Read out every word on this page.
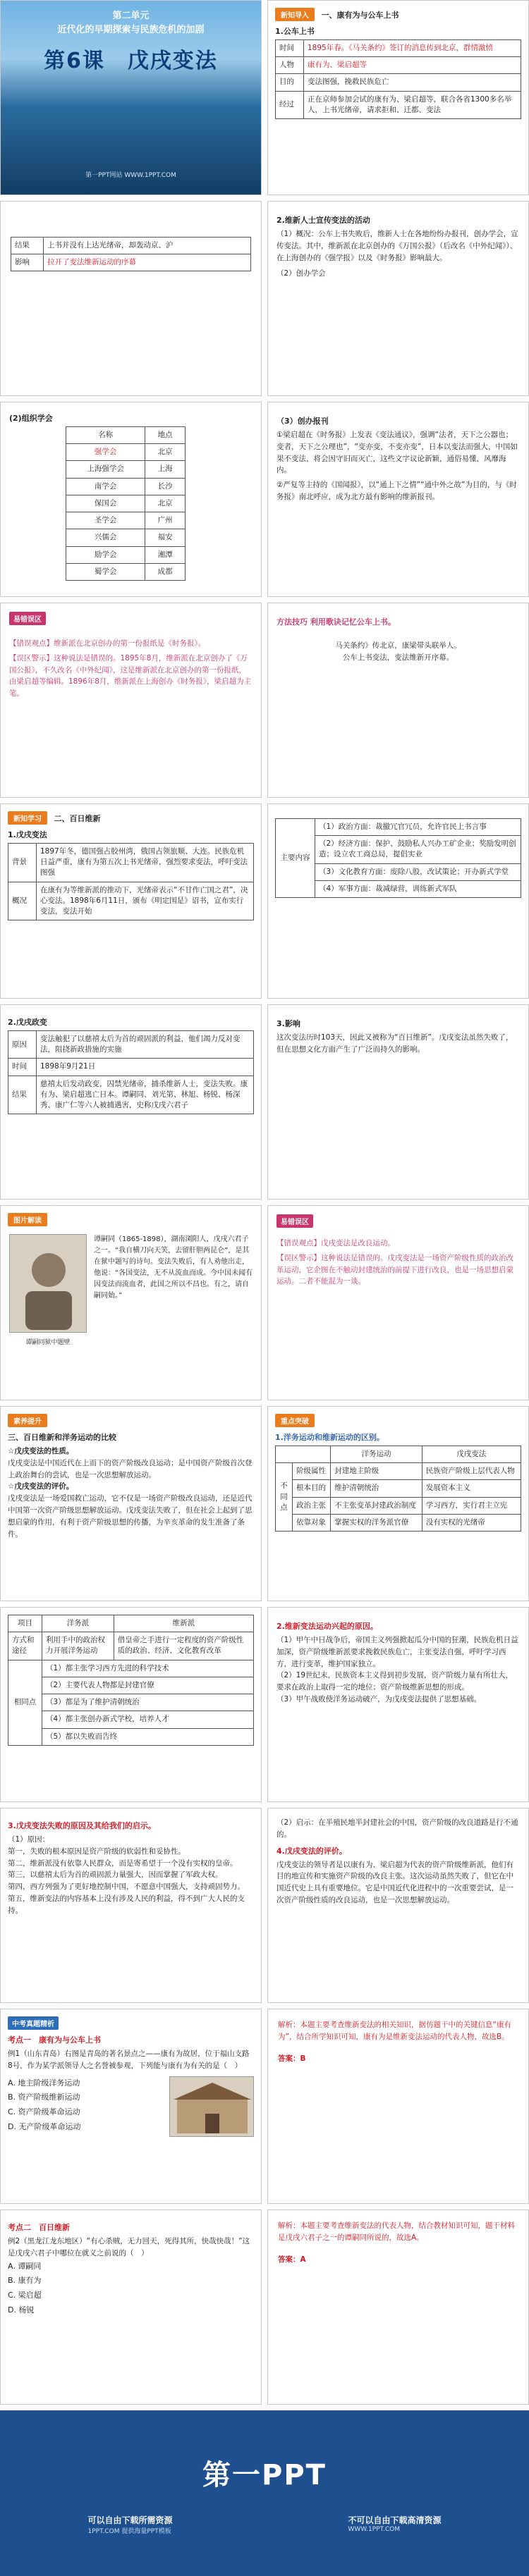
第二单元
近代化的早期探索与民族危机的加剧
第6课　戊戌变法
第一PPT网站 WWW.1PPT.COM
新知导入 一、康有为与公车上书
1.公车上书
时间	1895年春。《马关条约》签订的消息传到北京，群情激愤
人物	康有为、梁启超等
目的	变法图强，挽救民族危亡
经过	正在京师参加会试的康有为、梁启超等，联合各省1300多名举人，上书光绪帝，请求拒和、迁都、变法
结果	上书并没有上达光绪帝，却轰动京、沪
影响	拉开了变法维新运动的序幕
2.维新人士宣传变法的活动

（1）概况：公车上书失败后，维新人士在各地纷纷办报刊，创办学会，宣传变法。其中，维新派在北京创办的《万国公报》（后改名《中外纪闻》）、在上海创办的《强学报》以及《时务报》影响最大。

（2）创办学会

(2)组织学会
名称	地点
强学会	北京
上海强学会	上海
南学会	长沙
保国会	北京
圣学会	广州
兴儒会	福安
励学会	湘潭
蜀学会	成都
（3）创办报刊

①梁启超在《时务报》上发表《变法通议》，强调“法者，天下之公器也；变者，天下之公理也”，“变亦变，不变亦变”，日本以变法而强大，中国如果不变法，将会因守旧而灭亡，这些文字议论新颖，通俗易懂，风靡海内。

②严复等主持的《国闻报》，以“通上下之情”“通中外之故”为目的，与《时务报》南北呼应，成为北方最有影响的维新报刊。

易错误区

【错误观点】维新派在北京创办的第一份报纸是《时务报》。

【误区警示】这种说法是错误的。1895年8月，维新派在北京创办了《万国公报》，不久改名《中外纪闻》，这是维新派在北京创办的第一份报纸，由梁启超等编辑。1896年8月，维新派在上海创办《时务报》，梁启超为主笔。

方法技巧 利用歌诀记忆公车上书。

马关条约》传北京，康梁带头联举人。

公车上书变法，变法维新开序幕。

新知学习 二、百日维新
1.戊戌变法
背景	1897年冬，德国强占胶州湾，俄国占领旅顺、大连。民族危机日益严重，康有为第五次上书光绪帝，强烈要求变法，呼吁变法图强
概况	在康有为等维新派的推动下，光绪帝表示“不甘作亡国之君”，决心变法。1898年6月11日，颁布《明定国是》诏书，宣布实行变法，变法开始
主要内容	（1）政治方面：裁撤冗官冗员，允许官民上书言事
（2）经济方面：保护、鼓励私人兴办工矿企业；奖励发明创造；设立农工商总局，提倡实业
（3）文化教育方面：废除八股，改试策论；开办新式学堂
（4）军事方面：裁减绿营，训练新式军队
2.戊戌政变
原因	变法触犯了以慈禧太后为首的顽固派的利益，他们竭力反对变法，阻挠新政措施的实施
时间	1898年9月21日
结果	慈禧太后发动政变，囚禁光绪帝，捕杀维新人士，变法失败。康有为、梁启超逃亡日本。谭嗣同、刘光第、林旭、杨锐、杨深秀、康广仁等六人被捕遇害，史称戊戌六君子
3.影响

这次变法历时103天，因此又被称为“百日维新”。戊戌变法虽然失败了，但在思想文化方面产生了广泛而持久的影响。

图片解读
谭嗣同狱中题壁

谭嗣同（1865-1898），湖南浏阳人，戊戌六君子之一。“我自横刀向天笑，去留肝胆两昆仑”，是其在狱中题写的诗句。变法失败后，有人劝他出走，他说：“各国变法，无不从流血而成。今中国未闻有因变法而流血者，此国之所以不昌也。有之，请自嗣同始。”

易错误区

【错误观点】戊戌变法是改良运动。

【误区警示】这种说法是错误的。戊戌变法是一场资产阶级性质的政治改革运动，它企图在不触动封建统治的前提下进行改良，也是一场思想启蒙运动。二者不能混为一谈。

素养提升
三、百日维新和洋务运动的比较

☆戊戌变法的性质。

戊戌变法是中国近代在上而下的资产阶级改良运动；是中国资产阶级首次登上政治舞台的尝试，也是一次思想解放运动。

☆戊戌变法的评价。

戊戌变法是一场爱国救亡运动，它不仅是一场资产阶级改良运动，还是近代中国第一次资产阶级思想解放运动。戊戌变法失败了，但在社会上起到了思想启蒙的作用，有利于资产阶级思想的传播，为辛亥革命的发生准备了条件。

重点突破
1.洋务运动和维新运动的区别。
		洋务运动	戊戌变法
不同点	阶级属性	封建地主阶级	民族资产阶级上层代表人物
	根本目的	维护清朝统治	发展资本主义
	政治主张	不主张变革封建政治制度	学习西方，实行君主立宪
	依靠对象	掌握实权的洋务派官僚	没有实权的光绪帝
项目	洋务派	维新派
方式和途径	利用手中的政治权力开展洋务运动	借皇帝之手进行一定程度的资产阶级性质的政治、经济、文化教育改革
相同点	（1）都主张学习西方先进的科学技术	
	（2）主要代表人物都是封建官僚	
	（3）都是为了维护清朝统治	
	（4）都主张创办新式学校，培养人才	
	（5）都以失败而告终	
2.维新变法运动兴起的原因。

（1）甲午中日战争后，帝国主义列强掀起瓜分中国的狂潮，民族危机日益加深，资产阶级维新派要求挽救民族危亡，主张变法自强，呼吁学习西方，进行变革，维护国家独立。

（2）19世纪末，民族资本主义得到初步发展，资产阶级力量有所壮大，要求在政治上取得一定的地位；资产阶级维新思想的形成。

（3）甲午战败使洋务运动破产，为戊戌变法提供了思想基础。

3.戊戌变法失败的原因及其给我们的启示。

（1）原因：

第一，失败的根本原因是资产阶级的软弱性和妥协性。

第二，维新派没有依靠人民群众，而是寄希望于一个没有实权的皇帝。

第三，以慈禧太后为首的顽固派力量强大，因而掌握了军政大权。

第四，西方列强为了更好地控制中国，不愿意中国强大，支持顽固势力。

第五，维新变法的内容基本上没有涉及人民的利益，得不到广大人民的支持。

（2）启示：在半殖民地半封建社会的中国，资产阶级的改良道路是行不通的。

4.戊戌变法的评价。

戊戌变法的领导者是以康有为、梁启超为代表的资产阶级维新派，他们有目的地宣传和实施资产阶级的改良主张。这次运动虽然失败了，但它在中国近代史上具有重要地位。它是中国近代化进程中的一次重要尝试，是一次资产阶级性质的改良运动，也是一次思想解放运动。

中考真题精析
考点一　康有为与公车上书

例1（山东青岛）右图是青岛的著名景点之——康有为故居，位于福山支路8号，作为某学派领导人之名誉被参观，下列能与康有为有关的是（　）

A. 地主阶级洋务运动
B. 资产阶级维新运动
C. 资产阶级革命运动
D. 无产阶级革命运动

解析：本题主要考查维新变法的相关知识，据仿题干中的关键信息“康有为”，结合所学知识可知，康有为是维新变法运动的代表人物，故选B。

答案：B

考点二　百日维新

例2（黑龙江龙东地区）“有心杀贼，无力回天，死得其所，快哉快哉！”这是戊戌六君子中哪位在就义之前说的（　）

A. 谭嗣同
B. 康有为
C. 梁启超
D. 杨锐

解析：本题主要考查维新变法的代表人物，结合教材知识可知，题干材料是戊戌六君子之一的谭嗣同所说的，故选A。

答案：A

第一PPT
可以自由下载所需资源
1PPT.COM 提供海量PPT模板
不可以自由下载高清资源
WWW.1PPT.COM
